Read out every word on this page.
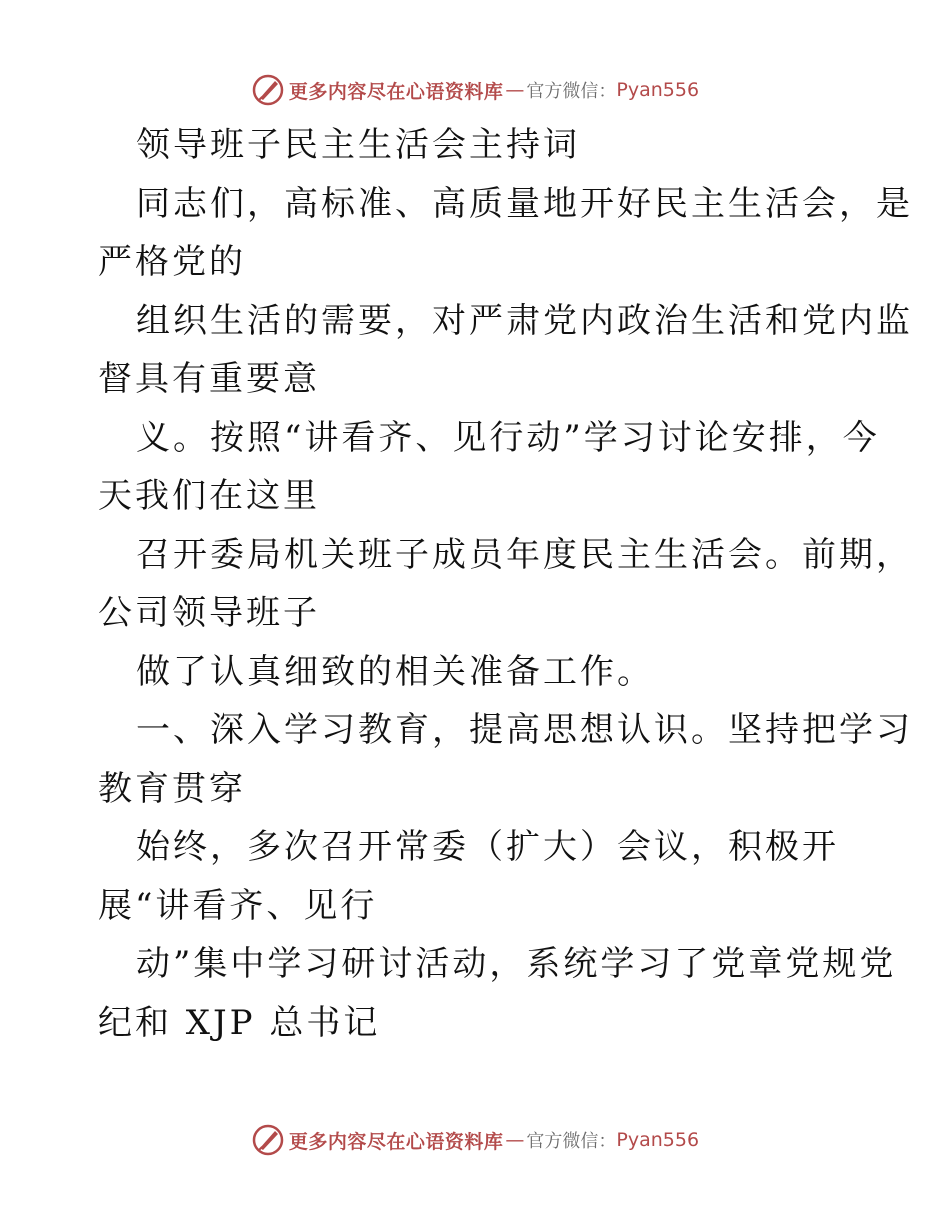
更多内容尽在心语资料库 — 官方微信： Pyan556
领导班子民主生活会主持词
同志们，高标准、高质量地开好民主生活会，是
严格党的
组织生活的需要，对严肃党内政治生活和党内监
督具有重要意
义。按照“讲看齐、见行动”学习讨论安排，今
天我们在这里
召开委局机关班子成员年度民主生活会。前期，
公司领导班子
做了认真细致的相关准备工作。
一、深入学习教育，提高思想认识。坚持把学习
教育贯穿
始终，多次召开常委（扩大）会议，积极开
展“讲看齐、见行
动”集中学习研讨活动，系统学习了党章党规党
纪和 XJP 总书记
更多内容尽在心语资料库 — 官方微信： Pyan556
